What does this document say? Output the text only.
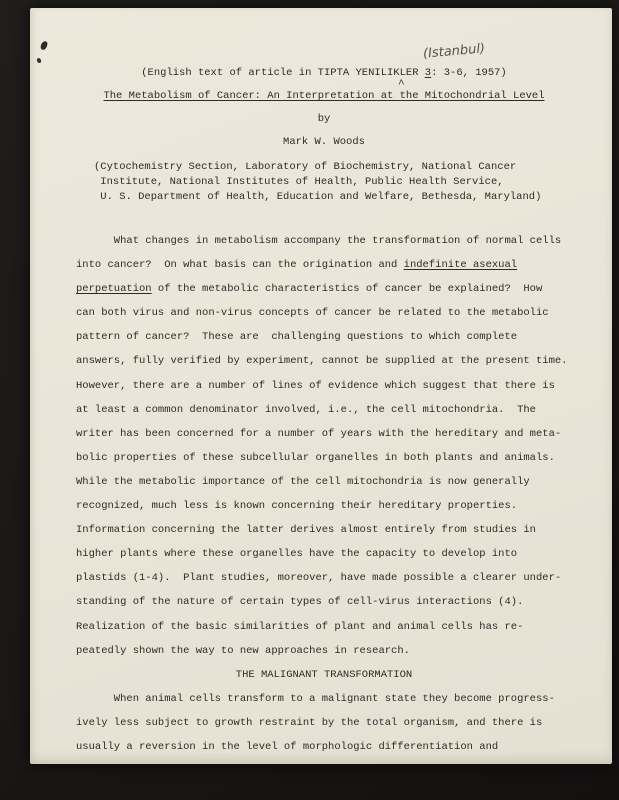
(Istanbul)
^
(English text of article in TIPTA YENILIKLER 3: 3-6, 1957)
The Metabolism of Cancer: An Interpretation at the Mitochondrial Level
by
Mark W. Woods
(Cytochemistry Section, Laboratory of Biochemistry, National Cancer
Institute, National Institutes of Health, Public Health Service,
U. S. Department of Health, Education and Welfare, Bethesda, Maryland)
What changes in metabolism accompany the transformation of normal cells
into cancer?  On what basis can the origination and indefinite asexual
perpetuation of the metabolic characteristics of cancer be explained?  How
can both virus and non-virus concepts of cancer be related to the metabolic
pattern of cancer?  These are  challenging questions to which complete
answers, fully verified by experiment, cannot be supplied at the present time.
However, there are a number of lines of evidence which suggest that there is
at least a common denominator involved, i.e., the cell mitochondria.  The
writer has been concerned for a number of years with the hereditary and meta-
bolic properties of these subcellular organelles in both plants and animals.
While the metabolic importance of the cell mitochondria is now generally
recognized, much less is known concerning their hereditary properties.
Information concerning the latter derives almost entirely from studies in
higher plants where these organelles have the capacity to develop into
plastids (1-4).  Plant studies, moreover, have made possible a clearer under-
standing of the nature of certain types of cell-virus interactions (4).
Realization of the basic similarities of plant and animal cells has re-
peatedly shown the way to new approaches in research.
THE MALIGNANT TRANSFORMATION
When animal cells transform to a malignant state they become progress-
ively less subject to growth restraint by the total organism, and there is
usually a reversion in the level of morphologic differentiation and
